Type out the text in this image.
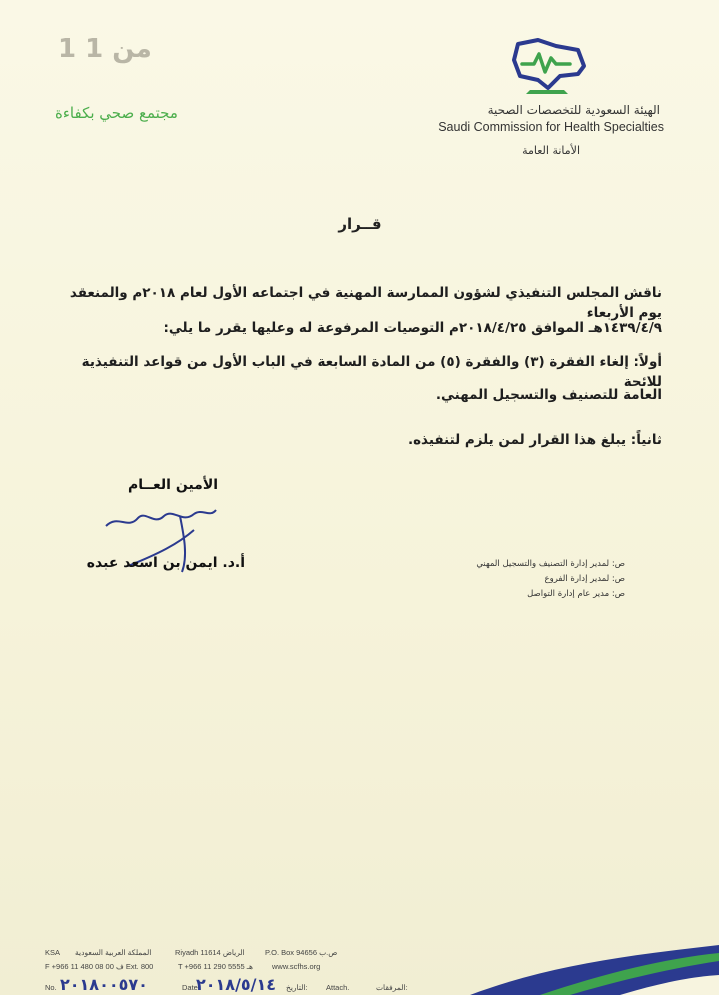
1 من 1
مجتمع صحي بكفاءة	الهيئة السعودية للتخصصات الصحية
Saudi Commission for Health Specialties
الأمانة العامة
قــرار
ناقش المجلس التنفيذي لشؤون الممارسة المهنية في اجتماعه الأول لعام ٢٠١٨م والمنعقد يوم الأربعاء
١٤٣٩/٤/٩هـ الموافق ٢٠١٨/٤/٢٥م التوصيات المرفوعة له وعليها يقرر ما يلي:
أولاً: إلغاء الفقرة (٣) والفقرة (٥) من المادة السابعة في الباب الأول من قواعد التنفيذية للائحة
العامة للتصنيف والتسجيل المهني.
ثانياً: يبلغ هذا القرار لمن يلزم لتنفيذه.
الأمين العــام
أ.د. ايمن بن اسعد عبده	ص: لمدير إدارة التصنيف والتسجيل المهني
ص: لمدير إدارة الفروع
ص: مدير عام إدارة التواصل
KSA المملكة العربية السعودية	Riyadh 11614 الرياض	P.O. Box 94656 ص.ب
F +966 11 480 08 00 ف Ext. 800	T +966 11 290 5555 هـ	www.scfhs.org
No. ٢٠١٨٠٠٥٧٠	Date
٢٠١٨/٥/١٤ التاريخ: Attach.	المرفقات:
